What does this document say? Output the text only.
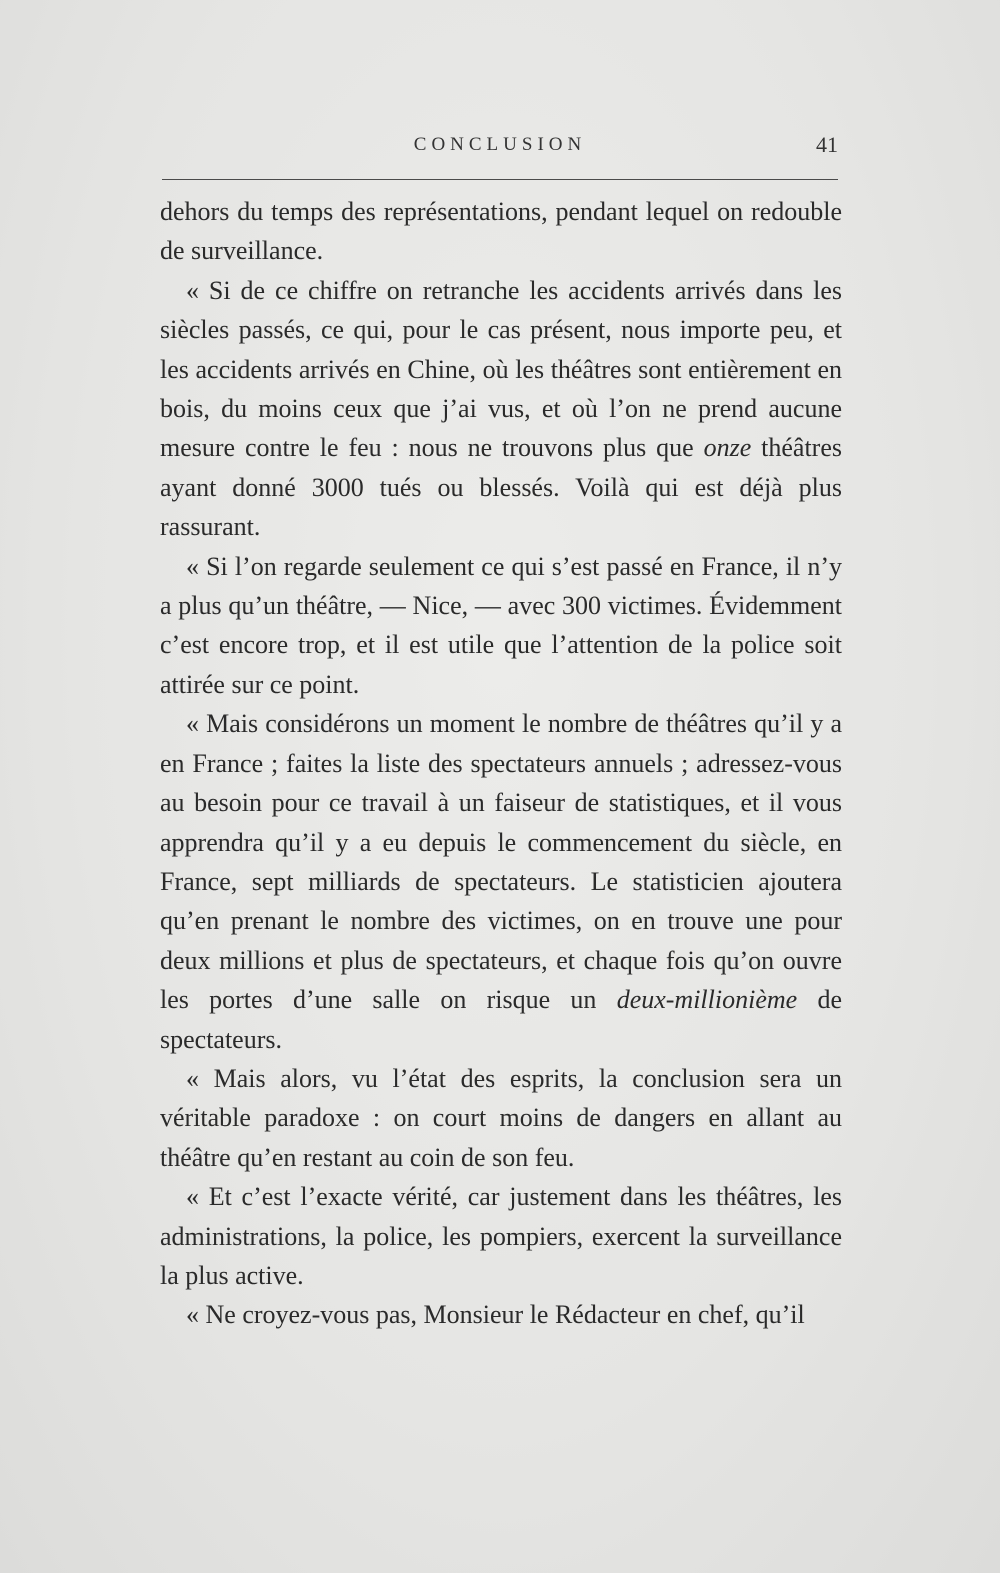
CONCLUSION	41

dehors du temps des représentations, pendant lequel on redouble de surveillance.

« Si de ce chiffre on retranche les accidents arrivés dans les siècles passés, ce qui, pour le cas présent, nous importe peu, et les accidents arrivés en Chine, où les théâtres sont entièrement en bois, du moins ceux que j’ai vus, et où l’on ne prend aucune mesure contre le feu : nous ne trouvons plus que onze théâtres ayant donné 3000 tués ou blessés. Voilà qui est déjà plus rassurant.

« Si l’on regarde seulement ce qui s’est passé en France, il n’y a plus qu’un théâtre, — Nice, — avec 300 victimes. Évidemment c’est encore trop, et il est utile que l’attention de la police soit attirée sur ce point.

« Mais considérons un moment le nombre de théâtres qu’il y a en France ; faites la liste des spectateurs annuels ; adressez-vous au besoin pour ce travail à un faiseur de statistiques, et il vous apprendra qu’il y a eu depuis le commencement du siècle, en France, sept milliards de spectateurs. Le statisticien ajoutera qu’en prenant le nombre des victimes, on en trouve une pour deux millions et plus de spectateurs, et chaque fois qu’on ouvre les portes d’une salle on risque un deux-millionième de spectateurs.

« Mais alors, vu l’état des esprits, la conclusion sera un véritable paradoxe : on court moins de dangers en allant au théâtre qu’en restant au coin de son feu.

« Et c’est l’exacte vérité, car justement dans les théâtres, les administrations, la police, les pompiers, exercent la surveillance la plus active.

« Ne croyez-vous pas, Monsieur le Rédacteur en chef, qu’il
